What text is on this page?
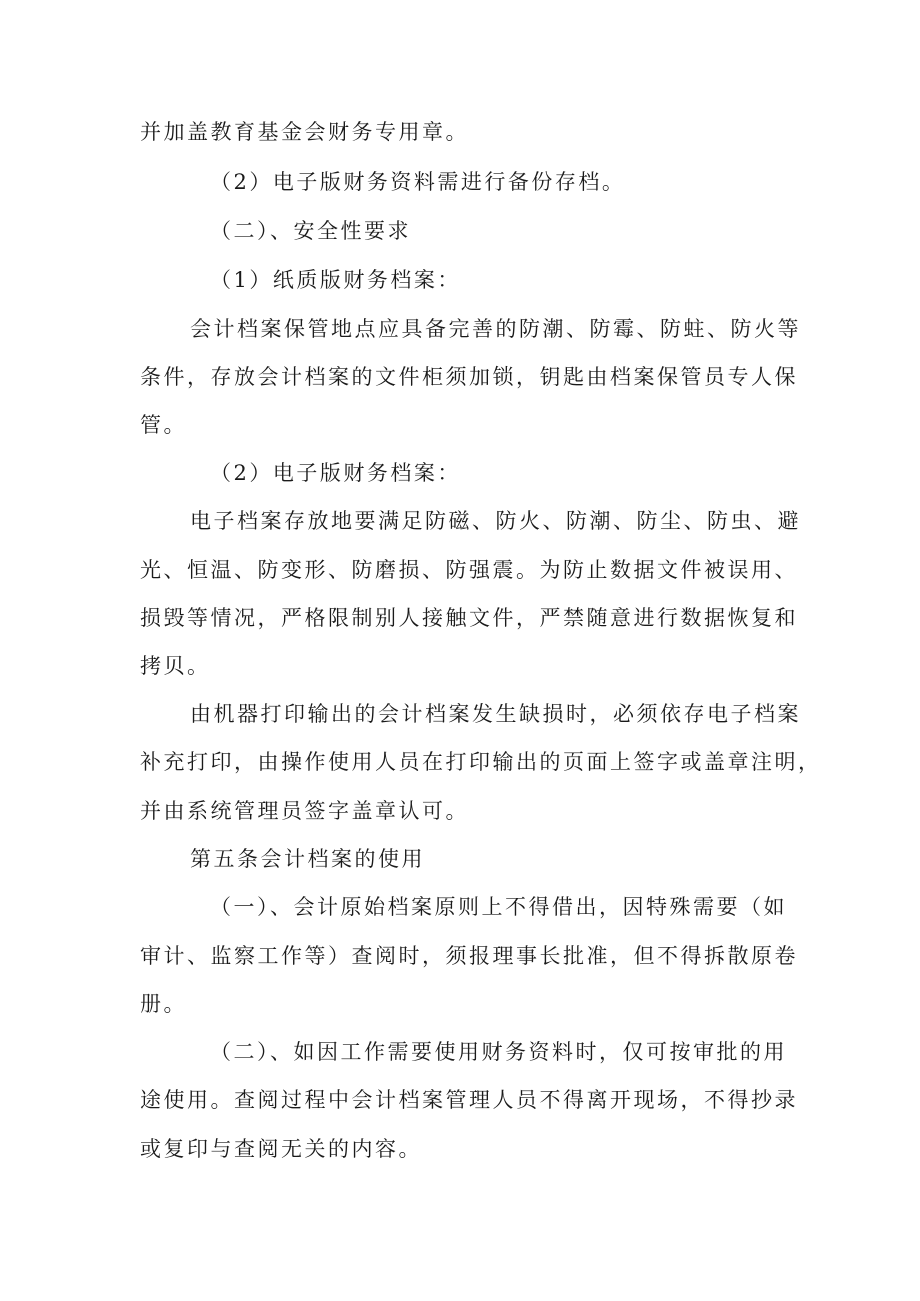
并加盖教育基金会财务专用章。
（2）电子版财务资料需进行备份存档。
（二）、安全性要求
（1）纸质版财务档案：
会计档案保管地点应具备完善的防潮、防霉、防蛀、防火等
条件，存放会计档案的文件柜须加锁，钥匙由档案保管员专人保
管。
（2）电子版财务档案：
电子档案存放地要满足防磁、防火、防潮、防尘、防虫、避
光、恒温、防变形、防磨损、防强震。为防止数据文件被误用、
损毁等情况，严格限制别人接触文件，严禁随意进行数据恢复和
拷贝。
由机器打印输出的会计档案发生缺损时，必须依存电子档案
补充打印，由操作使用人员在打印输出的页面上签字或盖章注明，
并由系统管理员签字盖章认可。
第五条会计档案的使用
（一）、会计原始档案原则上不得借出，因特殊需要（如
审计、监察工作等）查阅时，须报理事长批准，但不得拆散原卷
册。
（二）、如因工作需要使用财务资料时，仅可按审批的用
途使用。查阅过程中会计档案管理人员不得离开现场，不得抄录
或复印与查阅无关的内容。
